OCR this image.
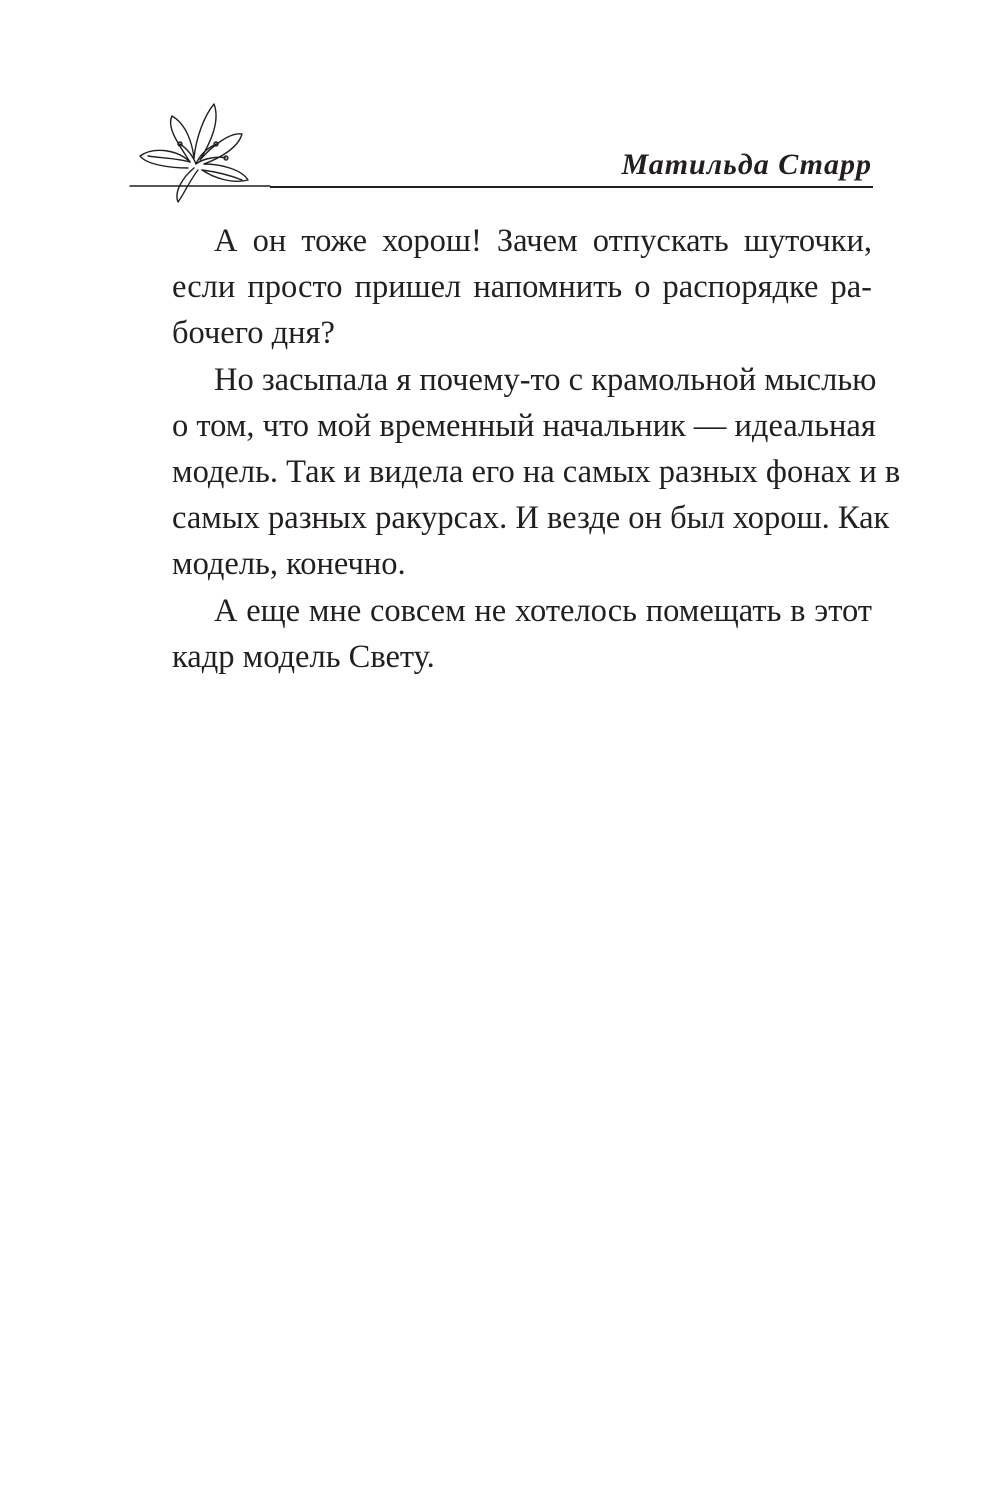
Матильда Старр
А он тоже хорош! Зачем отпускать шуточки,
если просто пришел напомнить о распорядке ра-
бочего дня?
Но засыпала я почему-то с крамольной мыслью
о том, что мой временный начальник — идеальная
модель. Так и видела его на самых разных фонах и в
самых разных ракурсах. И везде он был хорош. Как
модель, конечно.
А еще мне совсем не хотелось помещать в этот
кадр модель Свету.
